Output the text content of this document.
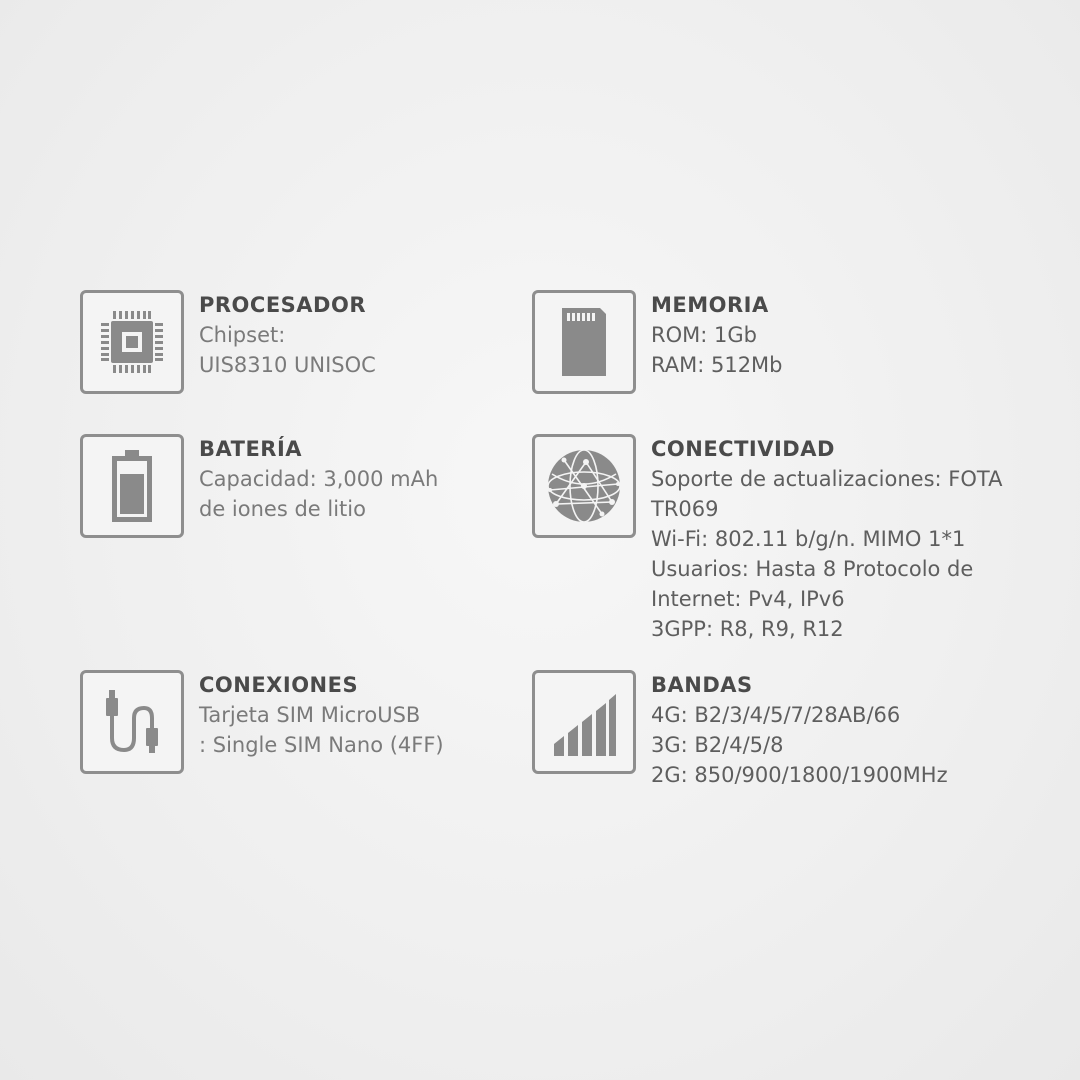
PROCESADOR
Chipset:
UIS8310 UNISOC
BATERÍA
Capacidad: 3,000 mAh
de iones de litio
CONEXIONES
Tarjeta SIM MicroUSB
: Single SIM Nano (4FF)
MEMORIA
ROM: 1Gb
RAM: 512Mb
CONECTIVIDAD
Soporte de actualizaciones: FOTA
TR069
Wi-Fi: 802.11 b/g/n. MIMO 1*1
Usuarios: Hasta 8 Protocolo de
Internet: Pv4, IPv6
3GPP: R8, R9, R12
BANDAS
4G: B2/3/4/5/7/28AB/66
3G: B2/4/5/8
2G: 850/900/1800/1900MHz
